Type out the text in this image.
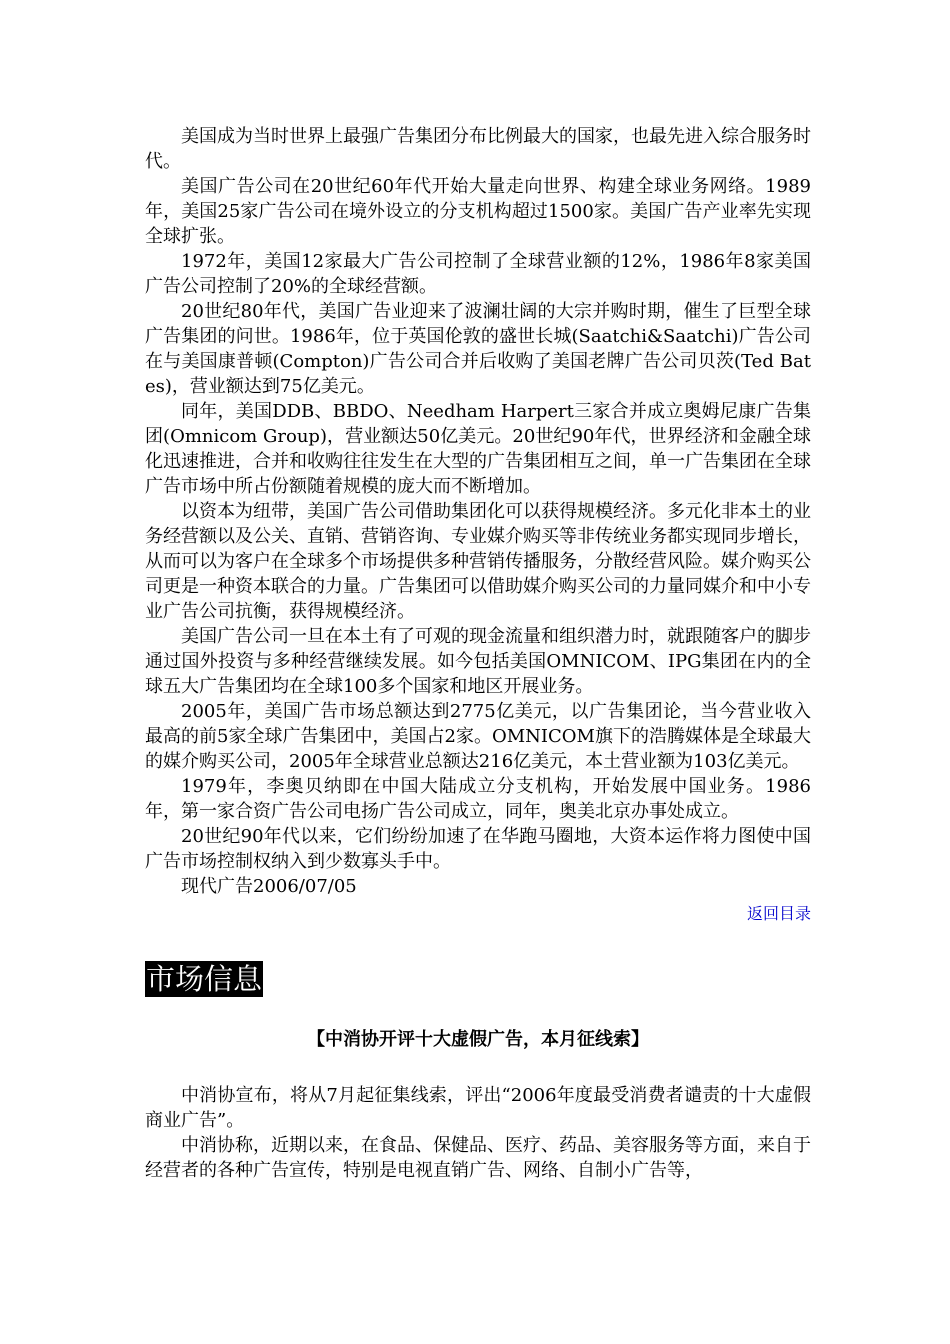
美国成为当时世界上最强广告集团分布比例最大的国家，也最先进入综合服务时代。

美国广告公司在20世纪60年代开始大量走向世界、构建全球业务网络。1989年，美国25家广告公司在境外设立的分支机构超过1500家。美国广告产业率先实现全球扩张。

1972年，美国12家最大广告公司控制了全球营业额的12%，1986年8家美国广告公司控制了20%的全球经营额。

20世纪80年代，美国广告业迎来了波澜壮阔的大宗并购时期，催生了巨型全球广告集团的问世。1986年，位于英国伦敦的盛世长城(Saatchi&Saatchi)广告公司在与美国康普顿(Compton)广告公司合并后收购了美国老牌广告公司贝茨(Ted Bates)，营业额达到75亿美元。

同年，美国DDB、BBDO、Needham Harpert三家合并成立奥姆尼康广告集团(Omnicom Group)，营业额达50亿美元。20世纪90年代，世界经济和金融全球化迅速推进，合并和收购往往发生在大型的广告集团相互之间，单一广告集团在全球广告市场中所占份额随着规模的庞大而不断增加。

以资本为纽带，美国广告公司借助集团化可以获得规模经济。多元化非本土的业务经营额以及公关、直销、营销咨询、专业媒介购买等非传统业务都实现同步增长，从而可以为客户在全球多个市场提供多种营销传播服务，分散经营风险。媒介购买公司更是一种资本联合的力量。广告集团可以借助媒介购买公司的力量同媒介和中小专业广告公司抗衡，获得规模经济。

美国广告公司一旦在本土有了可观的现金流量和组织潜力时，就跟随客户的脚步通过国外投资与多种经营继续发展。如今包括美国OMNICOM、IPG集团在内的全球五大广告集团均在全球100多个国家和地区开展业务。

2005年，美国广告市场总额达到2775亿美元，以广告集团论，当今营业收入最高的前5家全球广告集团中，美国占2家。OMNICOM旗下的浩腾媒体是全球最大的媒介购买公司，2005年全球营业总额达216亿美元，本土营业额为103亿美元。

1979年，李奥贝纳即在中国大陆成立分支机构，开始发展中国业务。1986年，第一家合资广告公司电扬广告公司成立，同年，奥美北京办事处成立。

20世纪90年代以来，它们纷纷加速了在华跑马圈地，大资本运作将力图使中国广告市场控制权纳入到少数寡头手中。

现代广告2006/07/05

返回目录
市场信息
【中消协开评十大虚假广告，本月征线索】

中消协宣布，将从7月起征集线索，评出“2006年度最受消费者谴责的十大虚假商业广告”。

中消协称，近期以来，在食品、保健品、医疗、药品、美容服务等方面，来自于经营者的各种广告宣传，特别是电视直销广告、网络、自制小广告等，
